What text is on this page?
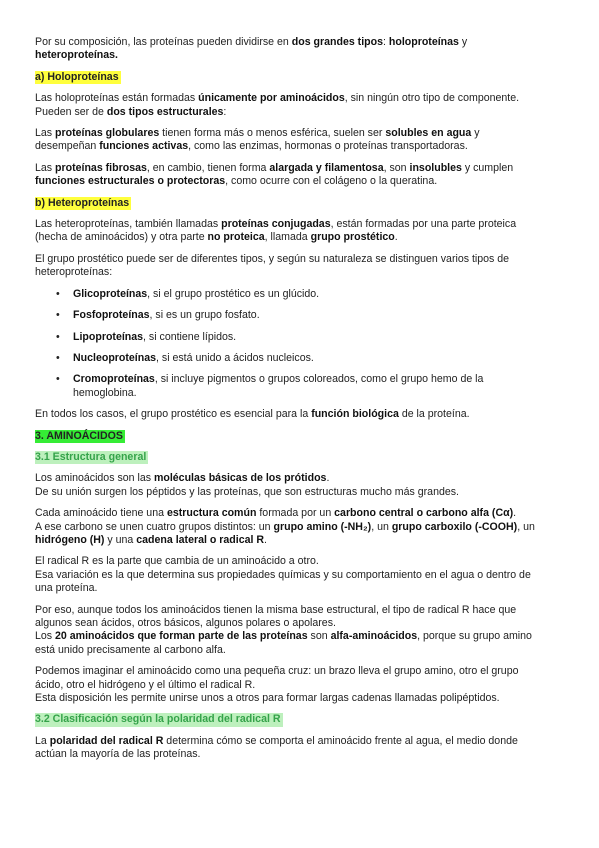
Por su composición, las proteínas pueden dividirse en dos grandes tipos: holoproteínas y
heteroproteínas.

a) Holoproteínas

Las holoproteínas están formadas únicamente por aminoácidos, sin ningún otro tipo de componente.
Pueden ser de dos tipos estructurales:

Las proteínas globulares tienen forma más o menos esférica, suelen ser solubles en agua y
desempeñan funciones activas, como las enzimas, hormonas o proteínas transportadoras.

Las proteínas fibrosas, en cambio, tienen forma alargada y filamentosa, son insolubles y cumplen
funciones estructurales o protectoras, como ocurre con el colágeno o la queratina.

b) Heteroproteínas

Las heteroproteínas, también llamadas proteínas conjugadas, están formadas por una parte proteica
(hecha de aminoácidos) y otra parte no proteica, llamada grupo prostético.

El grupo prostético puede ser de diferentes tipos, y según su naturaleza se distinguen varios tipos de
heteroproteínas:

• Glicoproteínas, si el grupo prostético es un glúcido.
• Fosfoproteínas, si es un grupo fosfato.
• Lipoproteínas, si contiene lípidos.
• Nucleoproteínas, si está unido a ácidos nucleicos.
• Cromoproteínas, si incluye pigmentos o grupos coloreados, como el grupo hemo de la
hemoglobina.

En todos los casos, el grupo prostético es esencial para la función biológica de la proteína.

3. AMINOÁCIDOS
3.1 Estructura general

Los aminoácidos son las moléculas básicas de los prótidos.
De su unión surgen los péptidos y las proteínas, que son estructuras mucho más grandes.

Cada aminoácido tiene una estructura común formada por un carbono central o carbono alfa (Cα).
A ese carbono se unen cuatro grupos distintos: un grupo amino (-NH₂), un grupo carboxilo (-COOH), un
hidrógeno (H) y una cadena lateral o radical R.

El radical R es la parte que cambia de un aminoácido a otro.
Esa variación es la que determina sus propiedades químicas y su comportamiento en el agua o dentro de
una proteína.

Por eso, aunque todos los aminoácidos tienen la misma base estructural, el tipo de radical R hace que
algunos sean ácidos, otros básicos, algunos polares o apolares.
Los 20 aminoácidos que forman parte de las proteínas son alfa-aminoácidos, porque su grupo amino
está unido precisamente al carbono alfa.

Podemos imaginar el aminoácido como una pequeña cruz: un brazo lleva el grupo amino, otro el grupo
ácido, otro el hidrógeno y el último el radical R.
Esta disposición les permite unirse unos a otros para formar largas cadenas llamadas polipéptidos.

3.2 Clasificación según la polaridad del radical R

La polaridad del radical R determina cómo se comporta el aminoácido frente al agua, el medio donde
actúan la mayoría de las proteínas.
